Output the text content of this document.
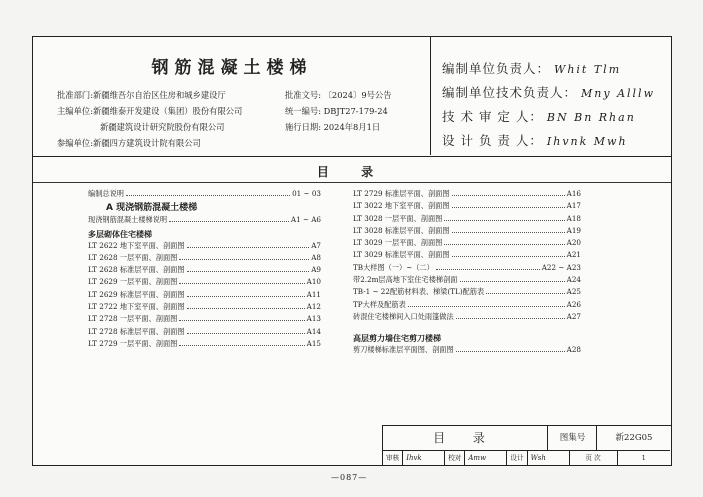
钢筋混凝土楼梯
批准部门:新疆维吾尔自治区住房和城乡建设厅
主编单位:新疆维泰开发建设（集团）股份有限公司
新疆建筑设计研究院股份有限公司
参编单位:新疆四方建筑设计院有限公司
批准文号: 〔2024〕9号公告
统一编号: DBJT27-179-24
施行日期: 2024年8月1日
编制单位负责人： Whit Tlm
编制单位技术负责人： Mny Alllw
技 术 审 定 人： BN Bn Rhan
设 计 负 责 人： Ihvnk Mwh
目 录
编制总说明	01 ~ 03
A 现浇钢筋混凝土楼梯
现浇钢筋混凝土楼梯说明	A1 ~ A6
多层砌体住宅楼梯
LT 2622 地下室平面、剖面图	A7
LT 2628 一层平面、剖面图	A8
LT 2628 标准层平面、剖面图	A9
LT 2629 一层平面、剖面图	A10
LT 2629 标准层平面、剖面图	A11
LT 2722 地下室平面、剖面图	A12
LT 2728 一层平面、剖面图	A13
LT 2728 标准层平面、剖面图	A14
LT 2729 一层平面、剖面图	A15
LT 2729 标准层平面、剖面图	A16
LT 3022 地下室平面、剖面图	A17
LT 3028 一层平面、剖面图	A18
LT 3028 标准层平面、剖面图	A19
LT 3029 一层平面、剖面图	A20
LT 3029 标准层平面、剖面图	A21
TB大样图（一）~（二）	A22 ~ A23
带2.2m层高地下室住宅楼梯剖面	A24
TB-1 ~ 22配筋材料表、梯梁(TL)配筋表	A25
TP大样及配筋表	A26
砖混住宅楼梯间入口处雨篷做法	A27
高层剪力墙住宅剪刀楼梯
剪刀楼梯标准层平面图、剖面图	A28
目 录	图集号	新22G05
审核	Ihvk	校对	Amw	设计	Wsh	页 次	1
—087—
